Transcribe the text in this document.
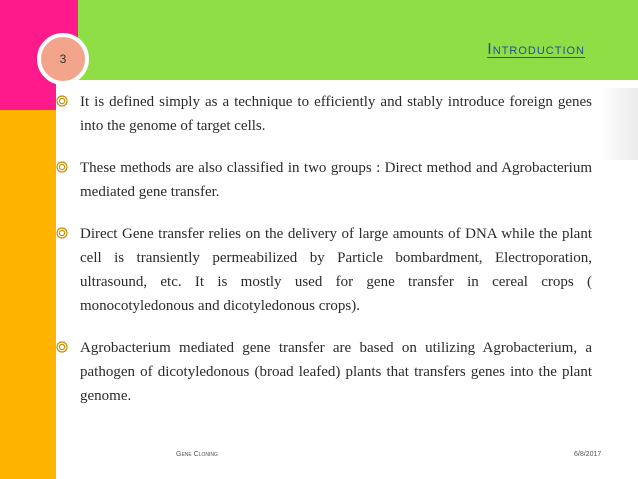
3
Introduction
It is defined simply as a technique to efficiently and stably introduce foreign genes into the genome of target cells.
These methods are also classified in two groups : Direct method and Agrobacterium mediated gene transfer.
Direct Gene transfer relies on the delivery of large amounts of DNA while the plant cell is transiently permeabilized by Particle bombardment, Electroporation, ultrasound, etc. It is mostly used for gene transfer in cereal crops ( monocotyledonous and dicotyledonous crops).
Agrobacterium mediated gene transfer are based on utilizing Agrobacterium, a pathogen of dicotyledonous (broad leafed) plants that transfers genes into the plant genome.
Gene Cloning	6/8/2017
